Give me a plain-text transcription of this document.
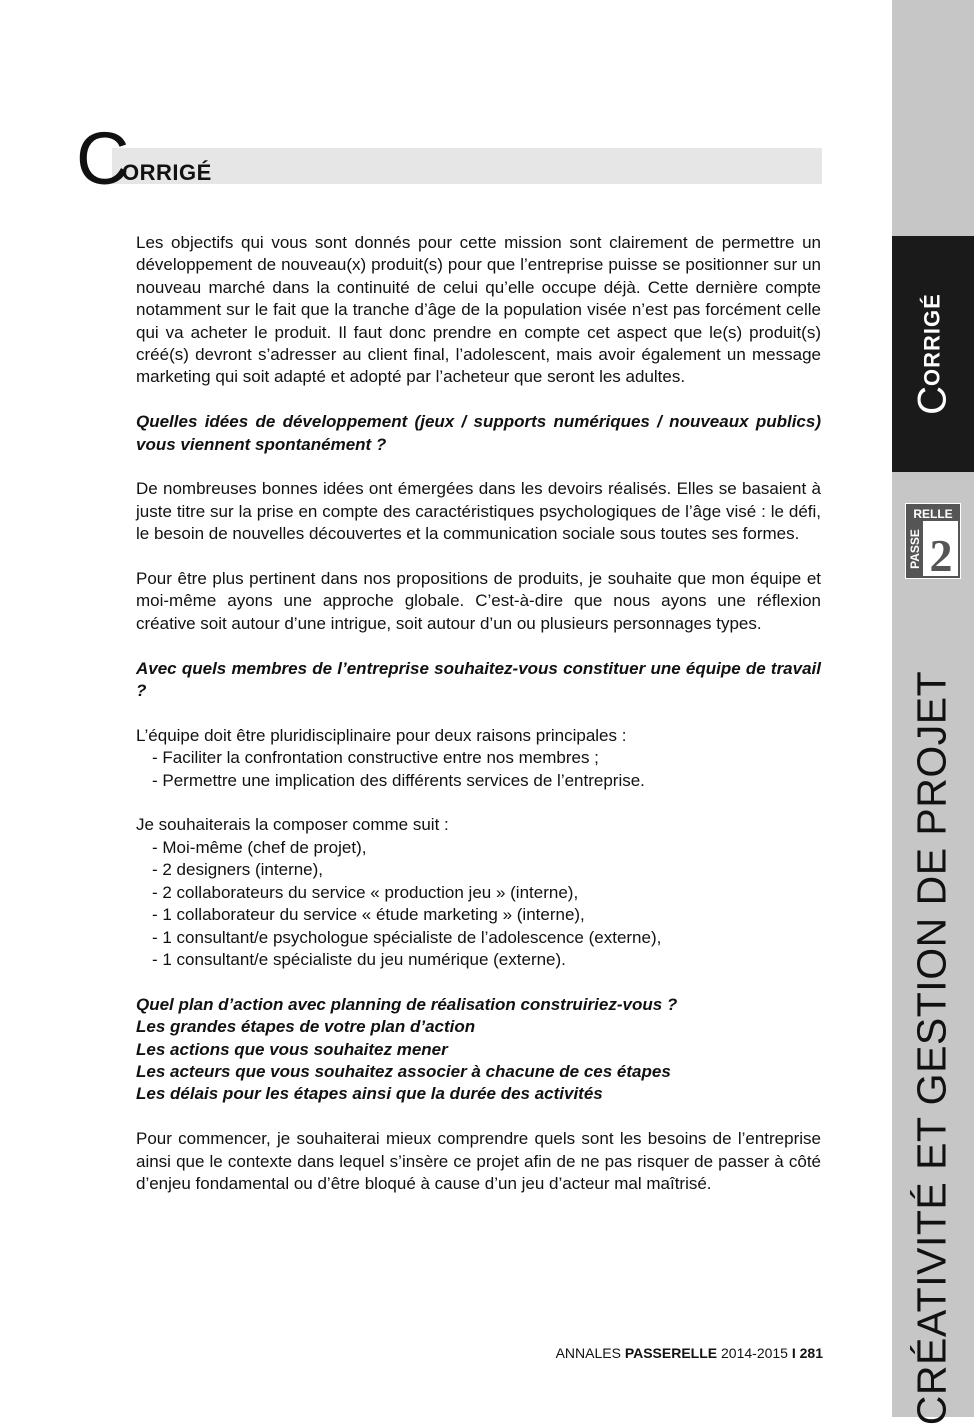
C
ORRIGÉ

Les objectifs qui vous sont donnés pour cette mission sont clairement de permettre un développement de nouveau(x) produit(s) pour que l’entreprise puisse se positionner sur un nouveau marché dans la continuité de celui qu’elle occupe déjà. Cette dernière compte notamment sur le fait que la tranche d’âge de la population visée n’est pas forcément celle qui va acheter le produit. Il faut donc prendre en compte cet aspect que le(s) produit(s) créé(s) devront s’adresser au client final, l’adolescent, mais avoir également un message marketing qui soit adapté et adopté par l’acheteur que seront les adultes.

Quelles idées de développement (jeux / supports numériques / nouveaux publics) vous viennent spontanément ?

De nombreuses bonnes idées ont émergées dans les devoirs réalisés. Elles se basaient à juste titre sur la prise en compte des caractéristiques psychologiques de l’âge visé : le défi, le besoin de nouvelles découvertes et la communication sociale sous toutes ses formes.

Pour être plus pertinent dans nos propositions de produits, je souhaite que mon équipe et moi-même ayons une approche globale. C’est-à-dire que nous ayons une réflexion créative soit autour d’une intrigue, soit autour d’un ou plusieurs personnages types.

Avec quels membres de l’entreprise souhaitez-vous constituer une équipe de travail ?

L’équipe doit être pluridisciplinaire pour deux raisons principales :

- Faciliter la confrontation constructive entre nos membres ;
- Permettre une implication des différents services de l’entreprise.

Je souhaiterais la composer comme suit :

- Moi-même (chef de projet),
- 2 designers (interne),
- 2 collaborateurs du service « production jeu » (interne),
- 1 collaborateur du service « étude marketing » (interne),
- 1 consultant/e psychologue spécialiste de l’adolescence (externe),
- 1 consultant/e spécialiste du jeu numérique (externe).
Quel plan d’action avec planning de réalisation construiriez-vous ?
Les grandes étapes de votre plan d’action
Les actions que vous souhaitez mener
Les acteurs que vous souhaitez associer à chacune de ces étapes
Les délais pour les étapes ainsi que la durée des activités

Pour commencer, je souhaiterai mieux comprendre quels sont les besoins de l’entreprise ainsi que le contexte dans lequel s’insère ce projet afin de ne pas risquer de passer à côté d’enjeu fondamental ou d’être bloqué à cause d’un jeu d’acteur mal maîtrisé.

ANNALES PASSERELLE 2014-2015 I 281
CORRIGÉ
RELLE
PASSE 2
CRÉATIVITÉ ET GESTION DE PROJET
